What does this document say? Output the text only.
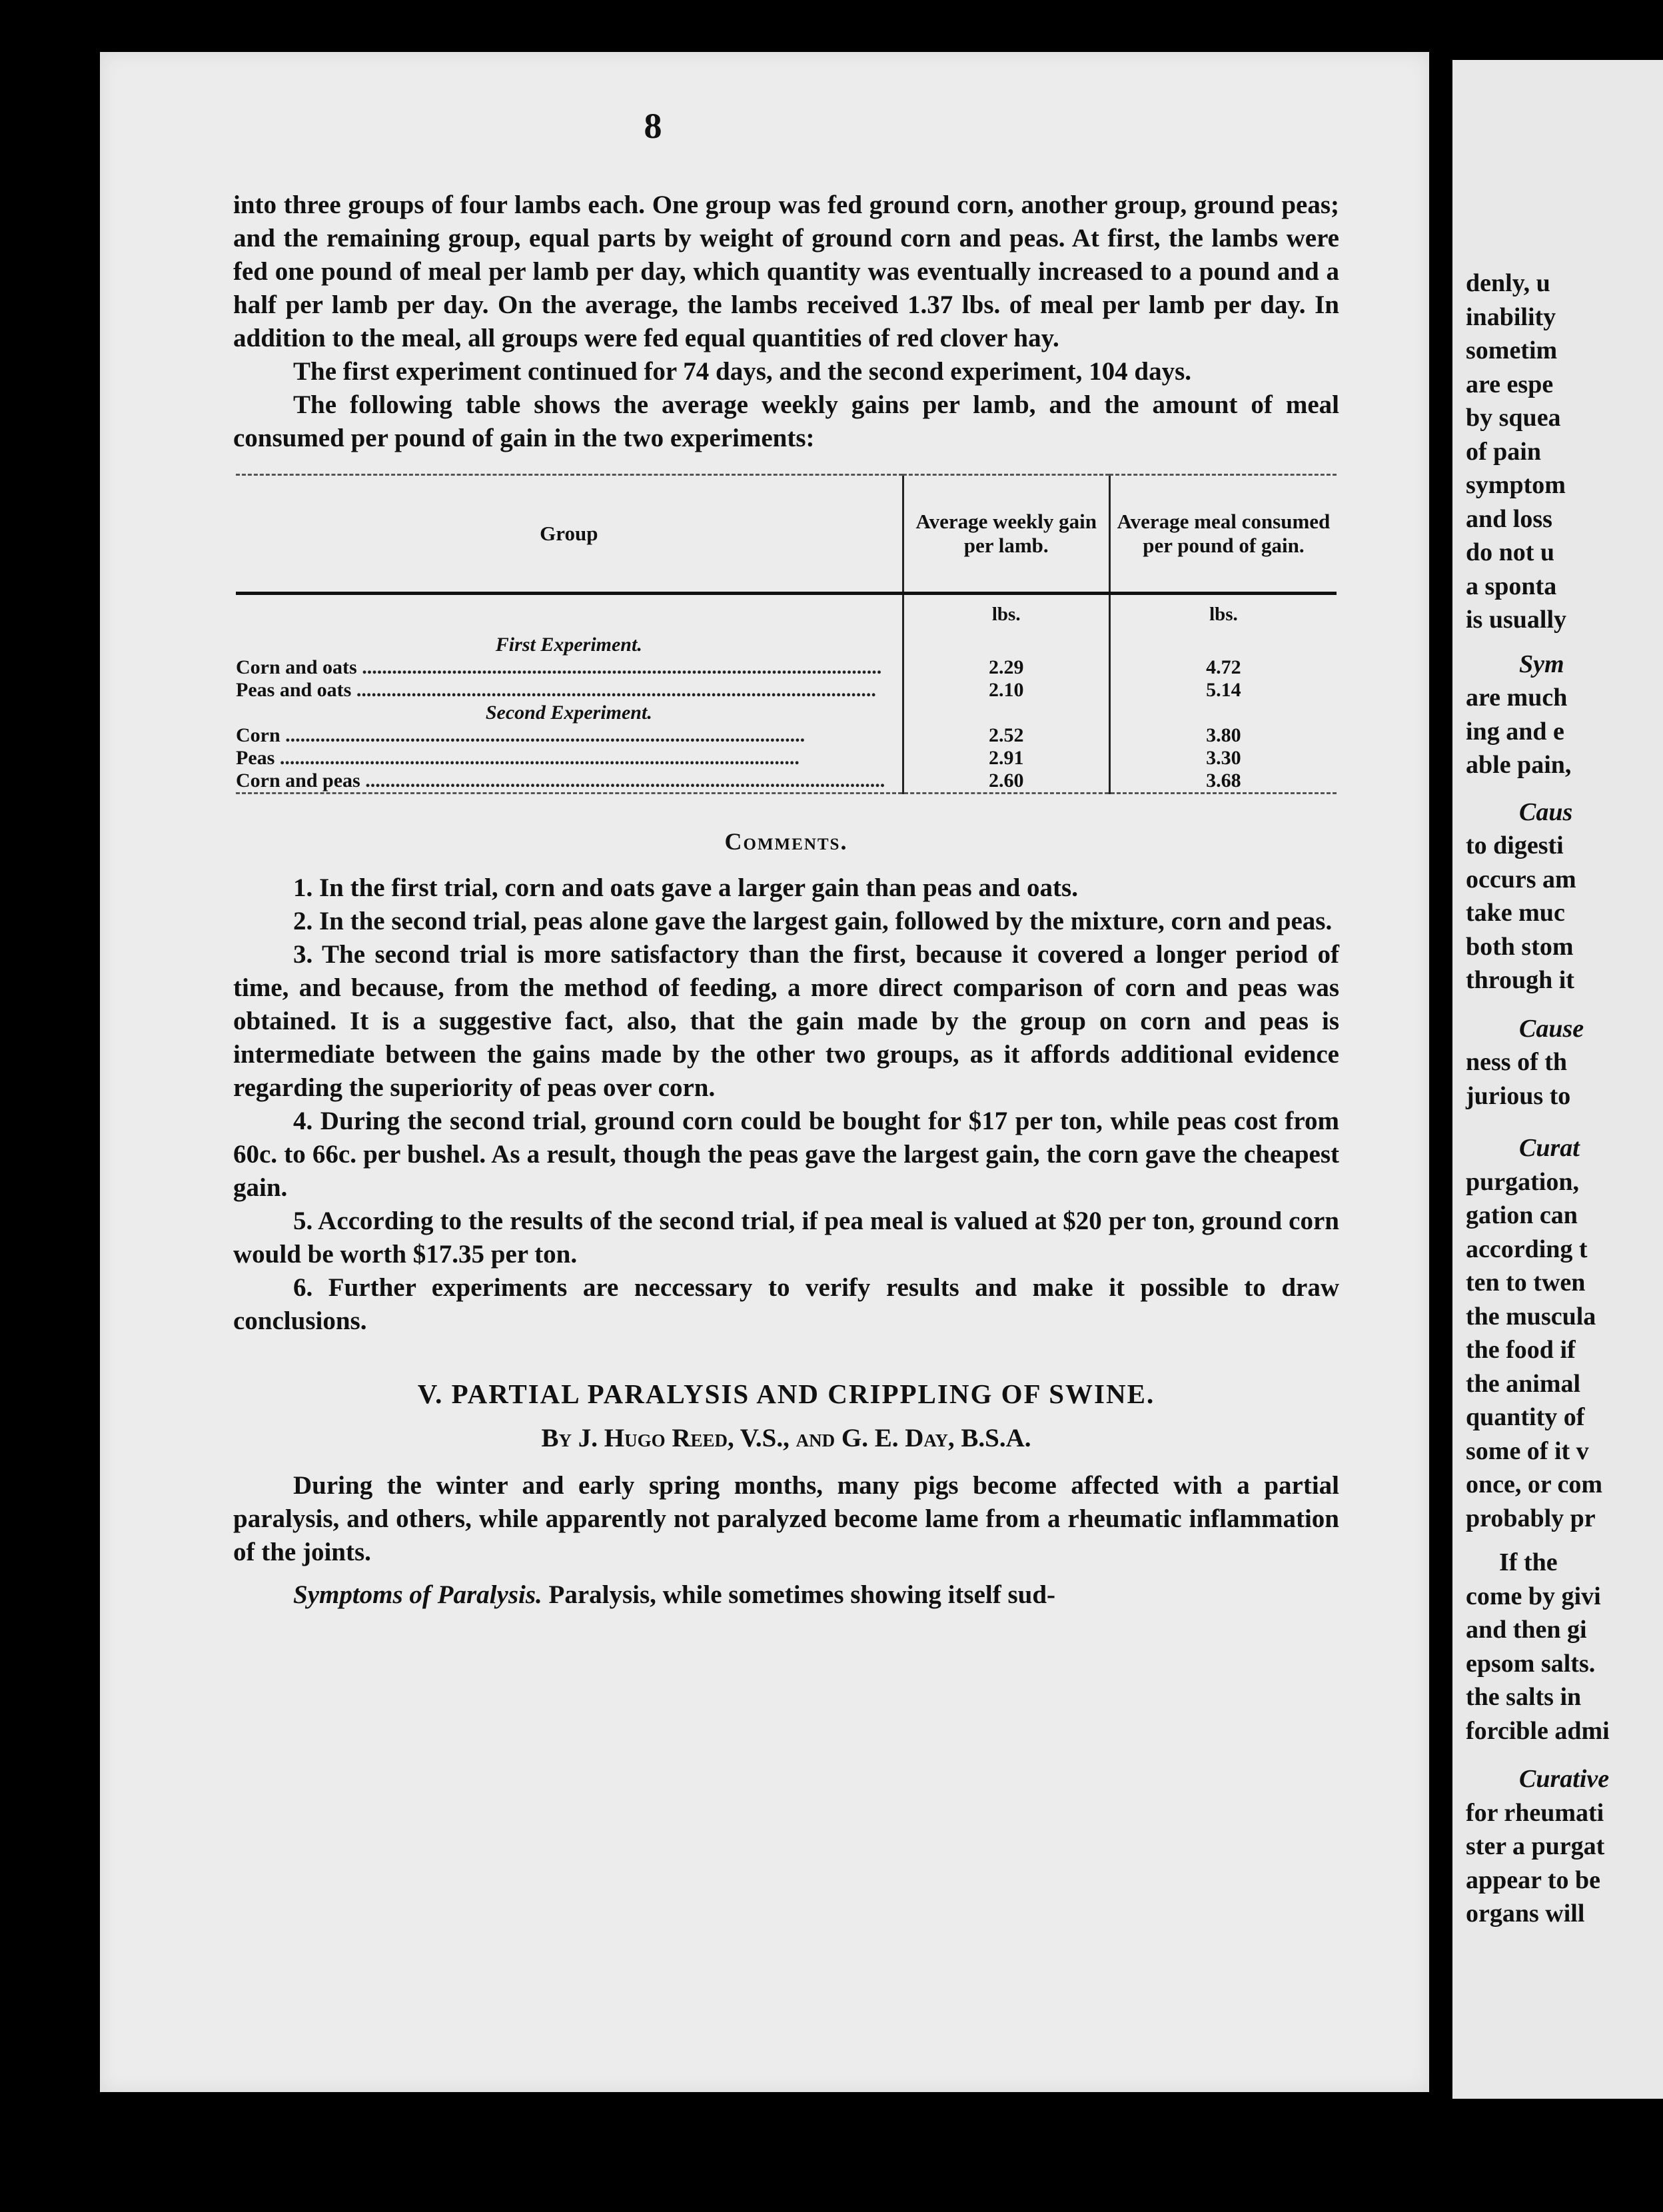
8

into three groups of four lambs each. One group was fed ground corn, another group, ground peas; and the remaining group, equal parts by weight of ground corn and peas. At first, the lambs were fed one pound of meal per lamb per day, which quantity was eventually increased to a pound and a half per lamb per day. On the average, the lambs received 1.37 lbs. of meal per lamb per day. In addition to the meal, all groups were fed equal quantities of red clover hay.

The first experiment continued for 74 days, and the second experiment, 104 days.

The following table shows the average weekly gains per lamb, and the amount of meal consumed per pound of gain in the two experiments:

Group	Average weekly gain per lamb.	Average meal consumed per pound of gain.

	lbs.	lbs.
First Experiment.		
Corn and oats ........................................................................................................	2.29	4.72
Peas and oats ........................................................................................................	2.10	5.14
Second Experiment.		
Corn ........................................................................................................	2.52	3.80
Peas ........................................................................................................	2.91	3.30
Corn and peas ........................................................................................................	2.60	3.68

Comments.

1. In the first trial, corn and oats gave a larger gain than peas and oats.

2. In the second trial, peas alone gave the largest gain, followed by the mixture, corn and peas.

3. The second trial is more satisfactory than the first, because it covered a longer period of time, and because, from the method of feeding, a more direct comparison of corn and peas was obtained. It is a suggestive fact, also, that the gain made by the group on corn and peas is intermediate between the gains made by the other two groups, as it affords additional evidence regarding the superiority of peas over corn.

4. During the second trial, ground corn could be bought for $17 per ton, while peas cost from 60c. to 66c. per bushel. As a result, though the peas gave the largest gain, the corn gave the cheapest gain.

5. According to the results of the second trial, if pea meal is valued at $20 per ton, ground corn would be worth $17.35 per ton.

6. Further experiments are neccessary to verify results and make it possible to draw conclusions.

V. PARTIAL PARALYSIS AND CRIPPLING OF SWINE.
By J. Hugo Reed, V.S., and G. E. Day, B.S.A.

During the winter and early spring months, many pigs become affected with a partial paralysis, and others, while apparently not paralyzed become lame from a rheumatic inflammation of the joints.

Symptoms of Paralysis. Paralysis, while sometimes showing itself sud-

denly, u
inability
sometim
are espe
by squea
of pain
symptom
and loss
do not u
a sponta
is usually
Sym
are much
ing and e
able pain,
Caus
to digesti
occurs am
take muc
both stom
through it
Cause
ness of th
jurious to
Curat
purgation,
gation can
according t
ten to twen
the muscula
the food if
the animal
quantity of
some of it v
once, or com
probably pr
If the
come by givi
and then gi
epsom salts.
the salts in
forcible admi
Curative
for rheumati
ster a purgat
appear to be
organs will
